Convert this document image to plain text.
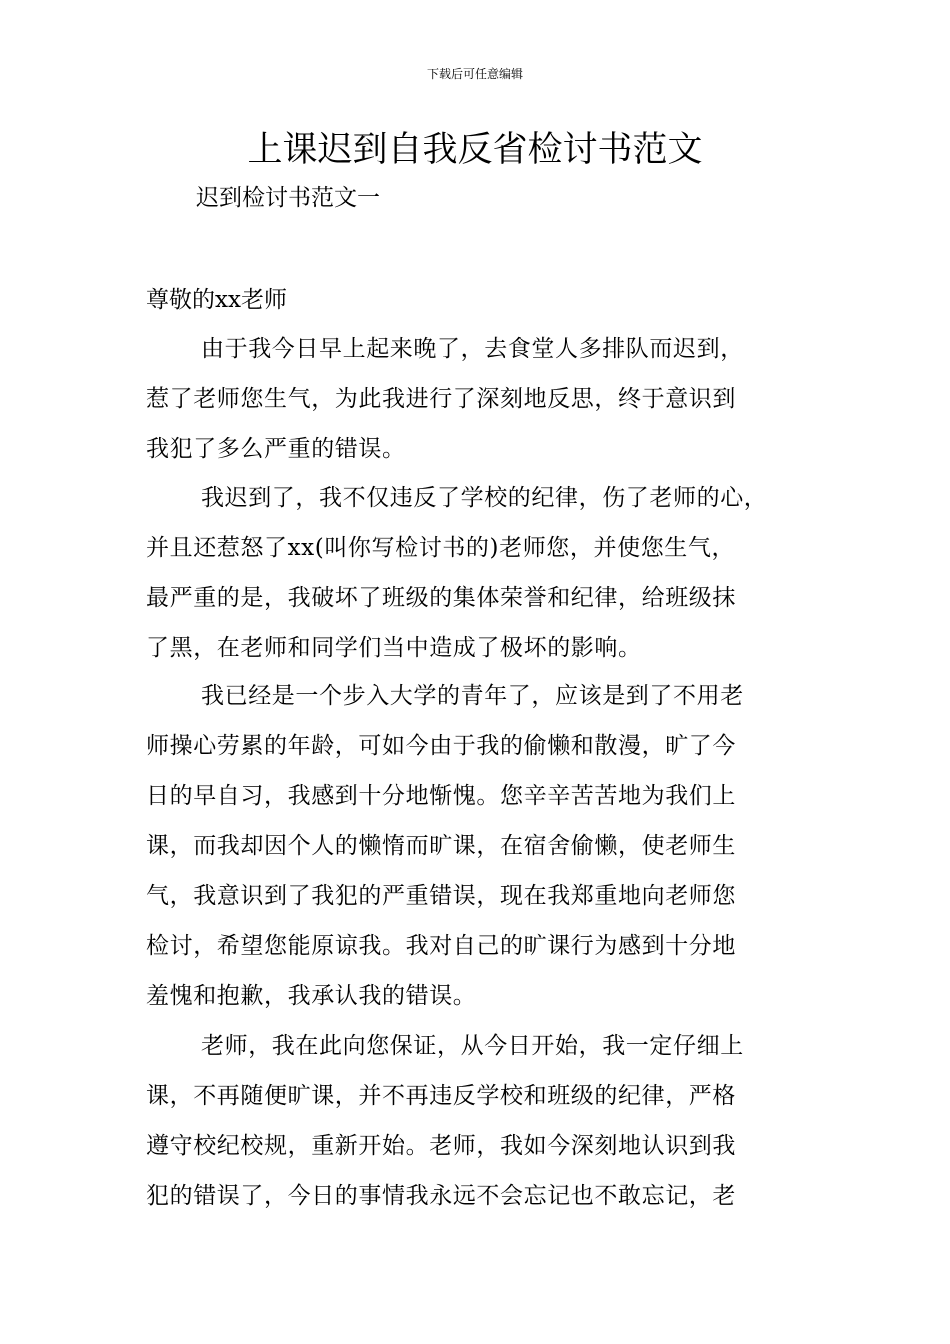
下载后可任意编辑
上课迟到自我反省检讨书范文
迟到检讨书范文一
尊敬的xx老师
由于我今日早上起来晚了，去食堂人多排队而迟到，
惹了老师您生气，为此我进行了深刻地反思，终于意识到
我犯了多么严重的错误。
我迟到了，我不仅违反了学校的纪律，伤了老师的心，
并且还惹怒了xx(叫你写检讨书的)老师您，并使您生气，
最严重的是，我破坏了班级的集体荣誉和纪律，给班级抹
了黑，在老师和同学们当中造成了极坏的影响。
我已经是一个步入大学的青年了，应该是到了不用老
师操心劳累的年龄，可如今由于我的偷懒和散漫，旷了今
日的早自习，我感到十分地惭愧。您辛辛苦苦地为我们上
课，而我却因个人的懒惰而旷课，在宿舍偷懒，使老师生
气，我意识到了我犯的严重错误，现在我郑重地向老师您
检讨，希望您能原谅我。我对自己的旷课行为感到十分地
羞愧和抱歉，我承认我的错误。
老师，我在此向您保证，从今日开始，我一定仔细上
课，不再随便旷课，并不再违反学校和班级的纪律，严格
遵守校纪校规，重新开始。老师，我如今深刻地认识到我
犯的错误了，今日的事情我永远不会忘记也不敢忘记，老
